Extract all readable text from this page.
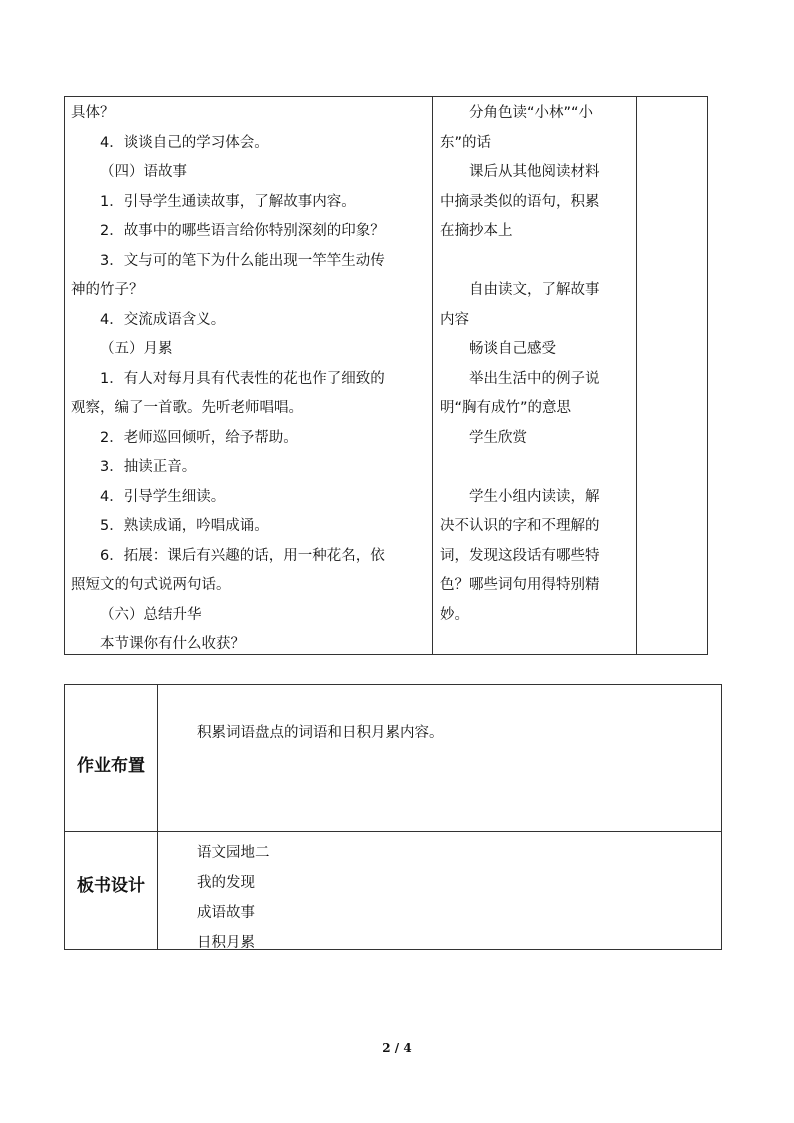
具体？
4．谈谈自己的学习体会。
（四）语故事
1．引导学生通读故事，了解故事内容。
2．故事中的哪些语言给你特别深刻的印象？
3．文与可的笔下为什么能出现一竿竿生动传
神的竹子？
4．交流成语含义。
（五）月累
1．有人对每月具有代表性的花也作了细致的
观察，编了一首歌。先听老师唱唱。
2．老师巡回倾听，给予帮助。
3．抽读正音。
4．引导学生细读。
5．熟读成诵，吟唱成诵。
6．拓展：课后有兴趣的话，用一种花名，依
照短文的句式说两句话。
（六）总结升华
本节课你有什么收获？
分角色读“小林”“小
东”的话
课后从其他阅读材料
中摘录类似的语句，积累
在摘抄本上
自由读文，了解故事
内容
畅谈自己感受
举出生活中的例子说
明“胸有成竹”的意思
学生欣赏
学生小组内读读，解
决不认识的字和不理解的
词，发现这段话有哪些特
色？哪些词句用得特别精
妙。
作业布置
积累词语盘点的词语和日积月累内容。
板书设计
语文园地二
我的发现
成语故事
日积月累
2 / 4
